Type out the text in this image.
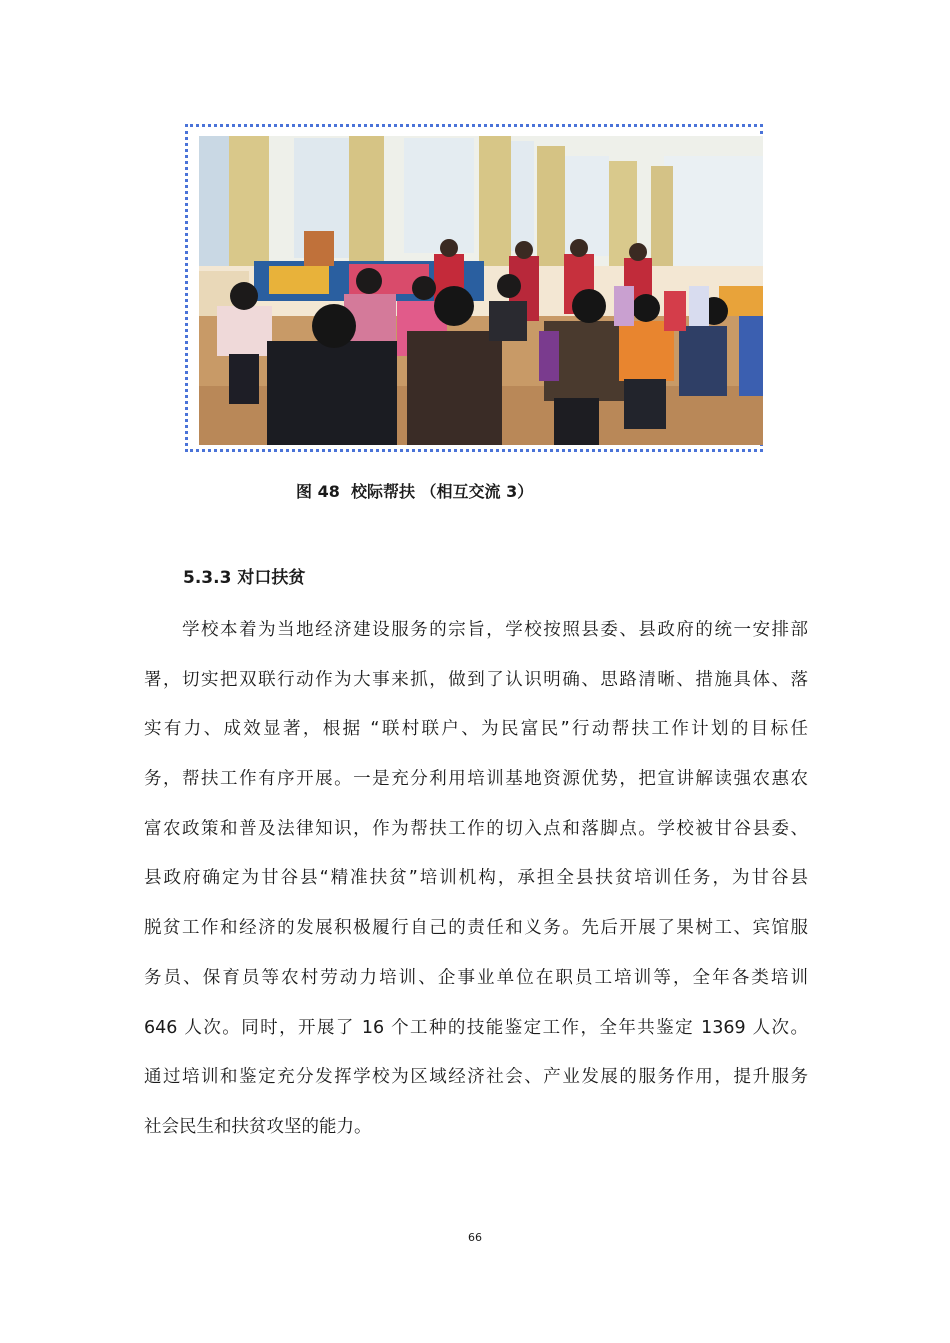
图 48  校际帮扶 （相互交流 3）
5.3.3 对口扶贫
　　学校本着为当地经济建设服务的宗旨，学校按照县委、县政府的统一安排部
署，切实把双联行动作为大事来抓，做到了认识明确、思路清晰、措施具体、落
实有力、成效显著，根据 “联村联户、为民富民”行动帮扶工作计划的目标任
务，帮扶工作有序开展。一是充分利用培训基地资源优势，把宣讲解读强农惠农
富农政策和普及法律知识，作为帮扶工作的切入点和落脚点。学校被甘谷县委、
县政府确定为甘谷县“精准扶贫”培训机构，承担全县扶贫培训任务，为甘谷县
脱贫工作和经济的发展积极履行自己的责任和义务。先后开展了果树工、宾馆服
务员、保育员等农村劳动力培训、企事业单位在职员工培训等，全年各类培训
646 人次。同时，开展了 16 个工种的技能鉴定工作，全年共鉴定 1369 人次。
通过培训和鉴定充分发挥学校为区域经济社会、产业发展的服务作用，提升服务
社会民生和扶贫攻坚的能力。
66
